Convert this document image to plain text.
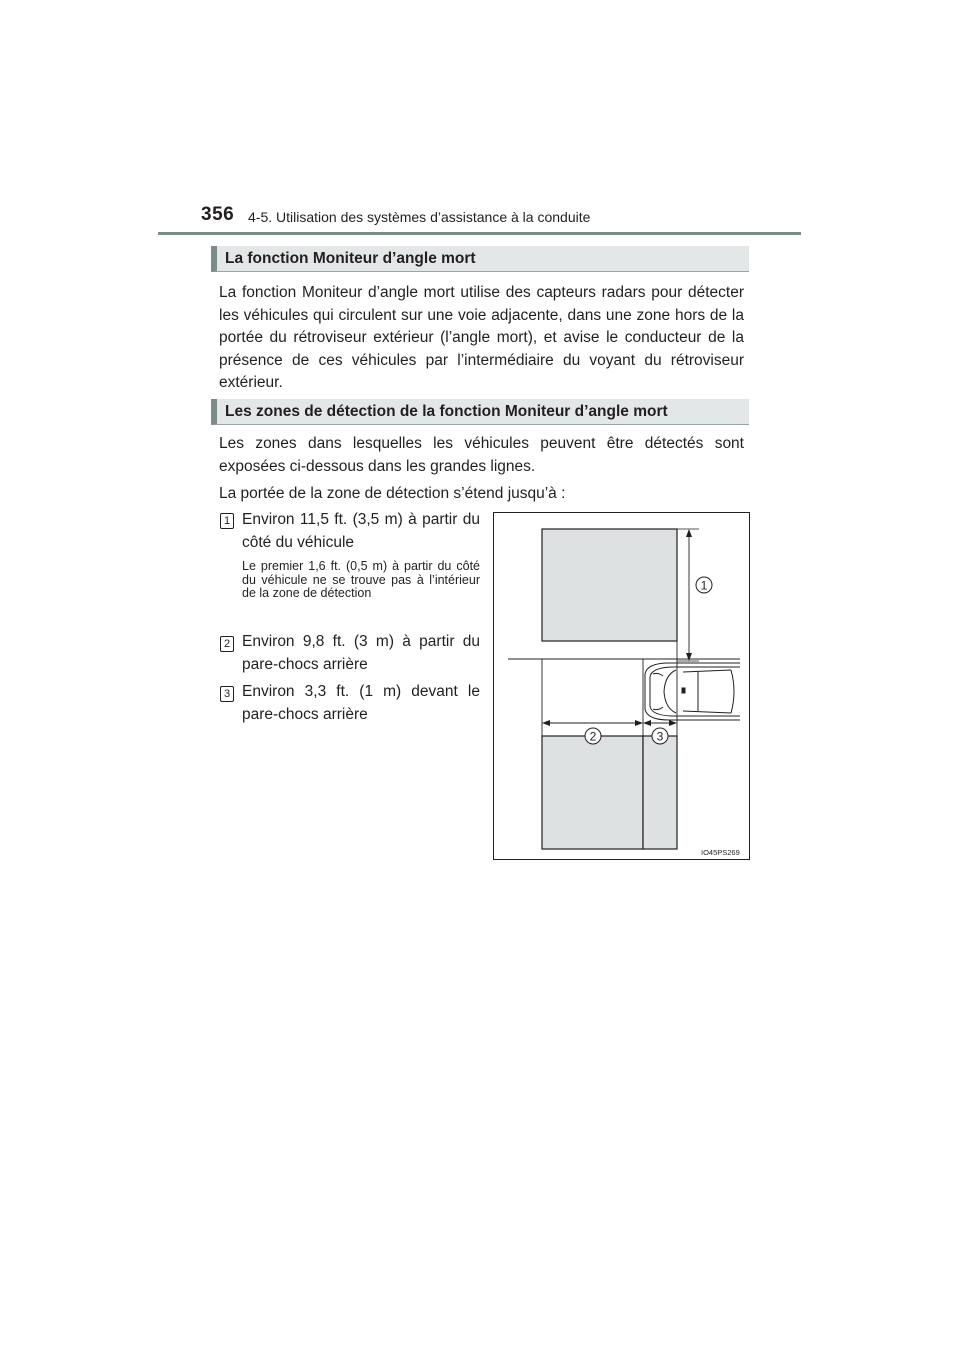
356 4-5. Utilisation des systèmes d’assistance à la conduite
La fonction Moniteur d’angle mort
La fonction Moniteur d’angle mort utilise des capteurs radars pour détecter les véhicules qui circulent sur une voie adjacente, dans une zone hors de la portée du rétroviseur extérieur (l’angle mort), et avise le conducteur de la présence de ces véhicules par l’intermédiaire du voyant du rétroviseur extérieur.
Les zones de détection de la fonction Moniteur d’angle mort
Les zones dans lesquelles les véhicules peuvent être détectés sont exposées ci-dessous dans les grandes lignes.
La portée de la zone de détection s’étend jusqu’à :
1 Environ 11,5 ft. (3,5 m) à partir du côté du véhicule
Le premier 1,6 ft. (0,5 m) à partir du côté du véhicule ne se trouve pas à l’intérieur de la zone de détection
2 Environ 9,8 ft. (3 m) à partir du pare-chocs arrière
3 Environ 3,3 ft. (1 m) devant le pare-chocs arrière
1
2	3
IO45PS269
